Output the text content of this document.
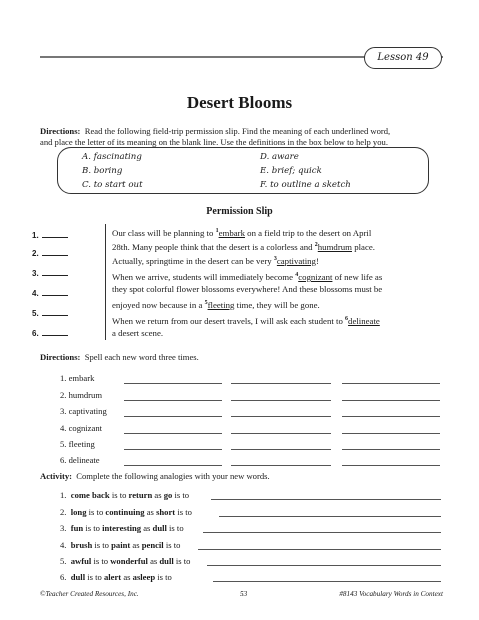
Lesson 49
Desert Blooms
Directions: Read the following field-trip permission slip. Find the meaning of each underlined word,
and place the letter of its meaning on the blank line. Use the definitions in the box below to help you.
A. fascinating
B. boring
C. to start out
D. aware
E. brief; quick
F. to outline a sketch
Permission Slip
1.
2.
3.
4.
5.
6.
Our class will be planning to $^1$embark on a field trip to the desert on April
28th. Many people think that the desert is a colorless and $^2$humdrum place.
Actually, springtime in the desert can be very $^3$captivating!
When we arrive, students will immediately become $^4$cognizant of new life as
they spot colorful flower blossoms everywhere! And these blossoms must be
enjoyed now because in a $^5$fleeting time, they will be gone.
When we return from our desert travels, I will ask each student to $^6$delineate
a desert scene.
Directions: Spell each new word three times.
1. embark
2. humdrum
3. captivating
4. cognizant
5. fleeting
6. delineate
Activity: Complete the following analogies with your new words.
1. come back is to return as go is to
2. long is to continuing as short is to
3. fun is to interesting as dull is to
4. brush is to paint as pencil is to
5. awful is to wonderful as dull is to
6. dull is to alert as asleep is to
©Teacher Created Resources, Inc.	53	#8143 Vocabulary Words in Context
